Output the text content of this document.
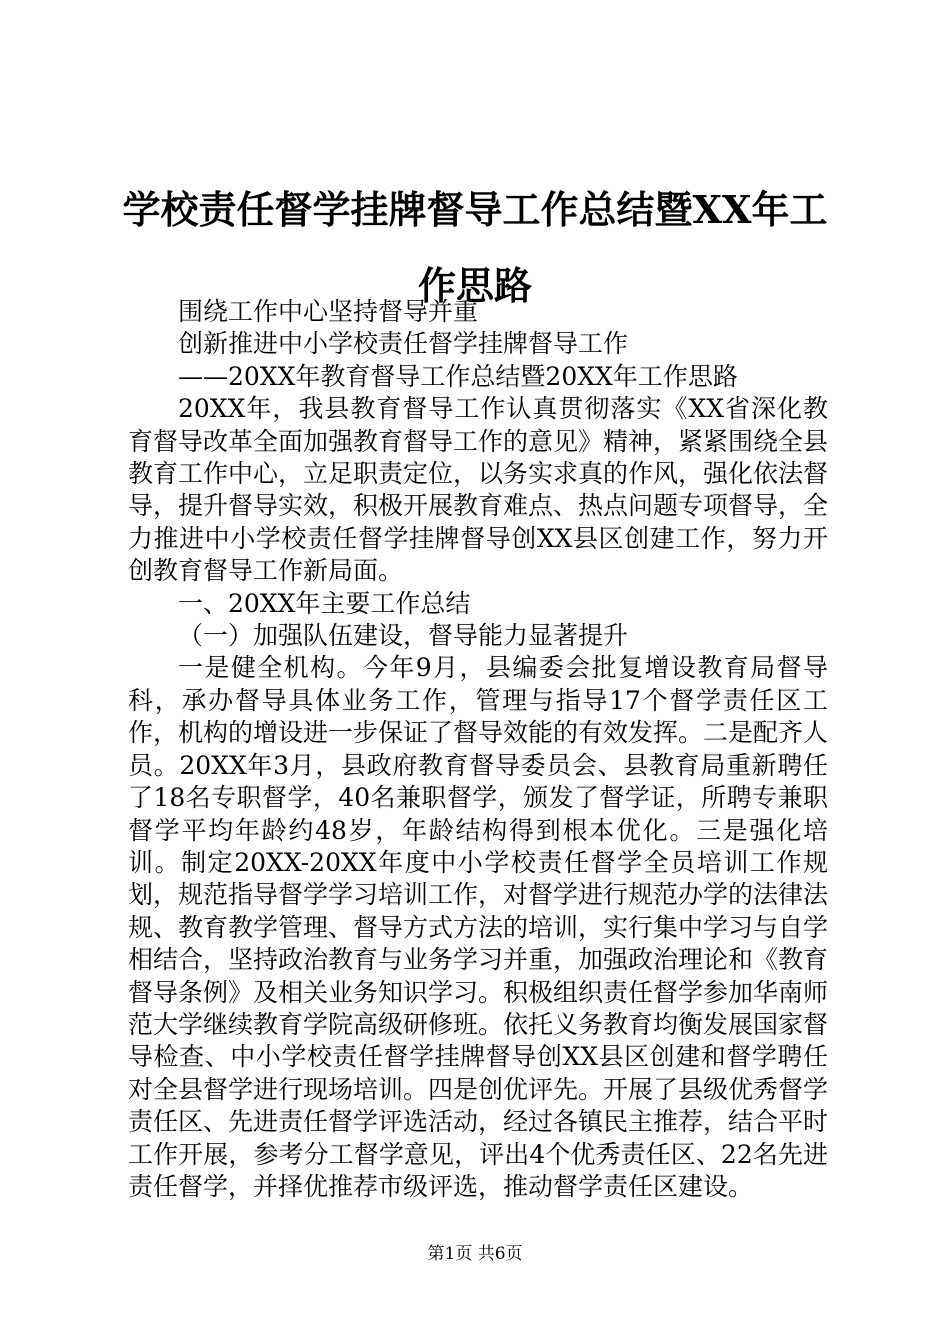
学校责任督学挂牌督导工作总结暨XX年工作思路

围绕工作中心坚持督导并重

创新推进中小学校责任督学挂牌督导工作

——20XX年教育督导工作总结暨20XX年工作思路

20XX年，我县教育督导工作认真贯彻落实《XX省深化教育督导改革全面加强教育督导工作的意见》精神，紧紧围绕全县教育工作中心，立足职责定位，以务实求真的作风，强化依法督导，提升督导实效，积极开展教育难点、热点问题专项督导，全力推进中小学校责任督学挂牌督导创XX县区创建工作，努力开创教育督导工作新局面。

一、20XX年主要工作总结

（一）加强队伍建设，督导能力显著提升

一是健全机构。今年9月，县编委会批复增设教育局督导科，承办督导具体业务工作，管理与指导17个督学责任区工作，机构的增设进一步保证了督导效能的有效发挥。二是配齐人员。20XX年3月，县政府教育督导委员会、县教育局重新聘任了18名专职督学，40名兼职督学，颁发了督学证，所聘专兼职督学平均年龄约48岁，年龄结构得到根本优化。三是强化培训。制定20XX-20XX年度中小学校责任督学全员培训工作规划，规范指导督学学习培训工作，对督学进行规范办学的法律法规、教育教学管理、督导方式方法的培训，实行集中学习与自学相结合，坚持政治教育与业务学习并重，加强政治理论和《教育督导条例》及相关业务知识学习。积极组织责任督学参加华南师范大学继续教育学院高级研修班。依托义务教育均衡发展国家督导检查、中小学校责任督学挂牌督导创XX县区创建和督学聘任对全县督学进行现场培训。四是创优评先。开展了县级优秀督学责任区、先进责任督学评选活动，经过各镇民主推荐，结合平时工作开展，参考分工督学意见，评出4个优秀责任区、22名先进责任督学，并择优推荐市级评选，推动督学责任区建设。

第1页 共6页
